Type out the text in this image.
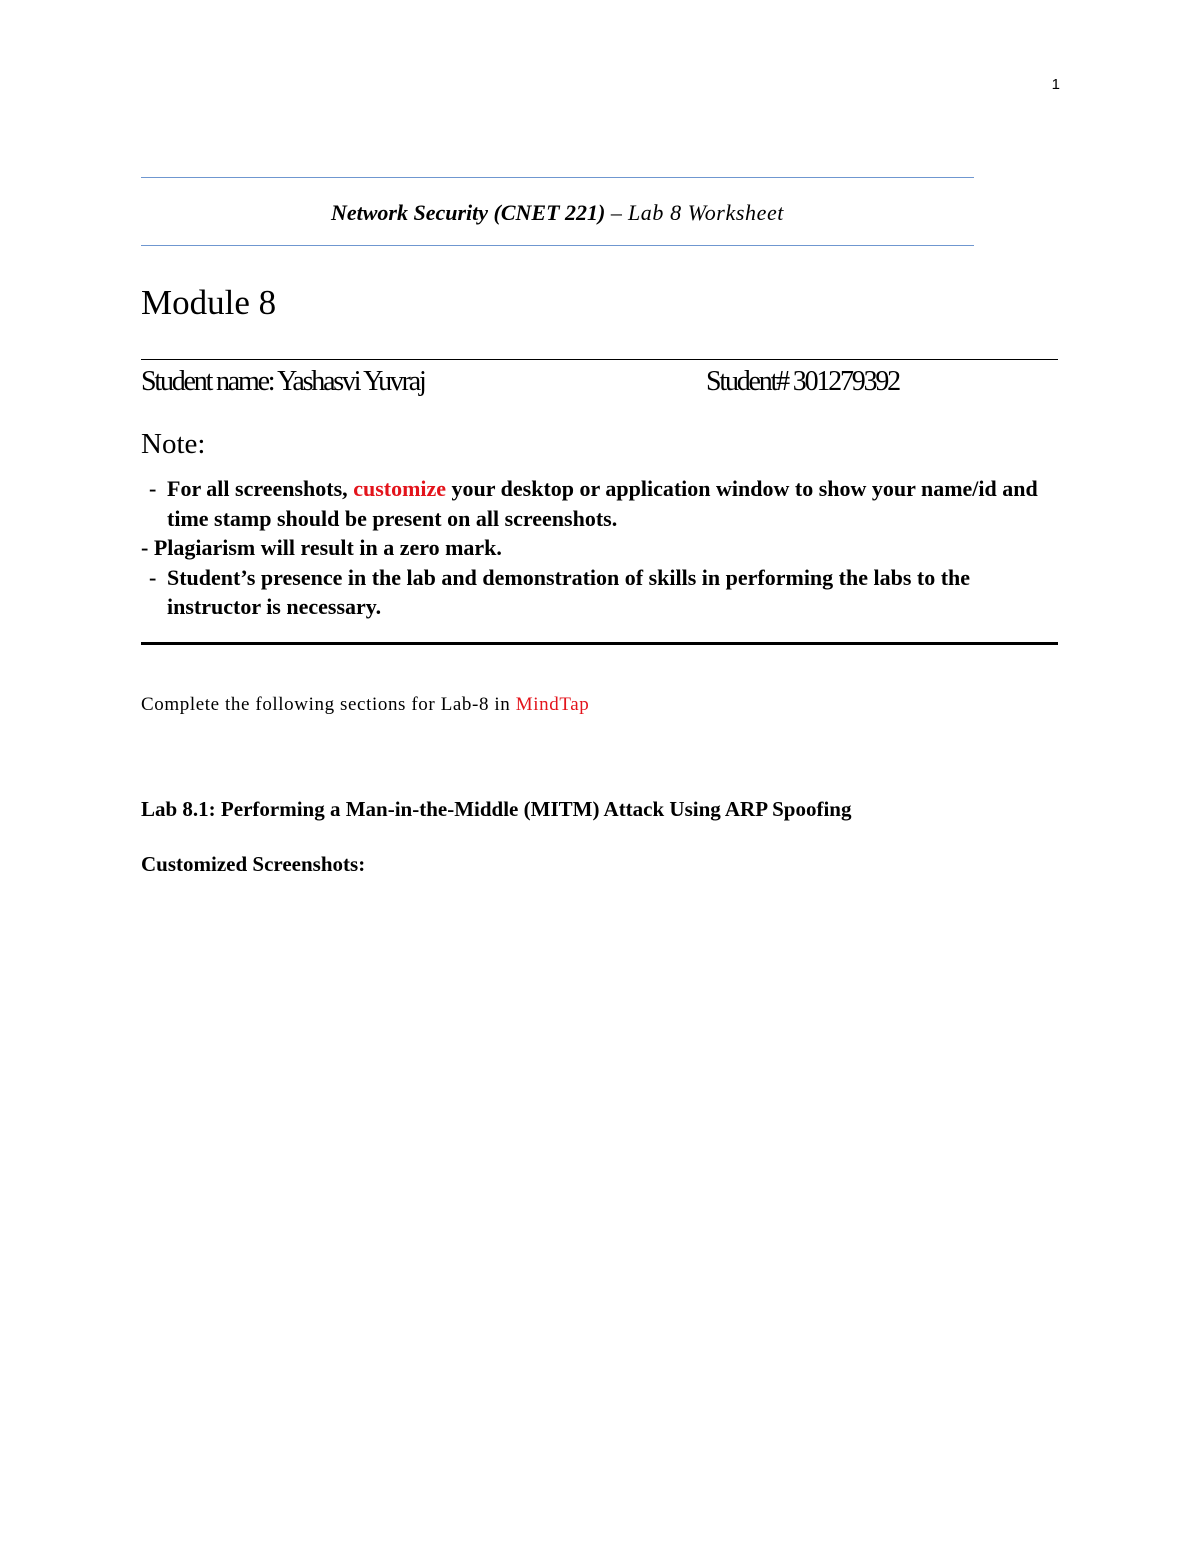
1
Network Security (CNET 221) – Lab 8 Worksheet
Module 8
Student name: Yashasvi Yuvraj	Student# 301279392
Note:
- For all screenshots, customize your desktop or application window to show your name/id and time stamp should be present on all screenshots.
- Plagiarism will result in a zero mark.
- Student’s presence in the lab and demonstration of skills in performing the labs to the instructor is necessary.
Complete the following sections for Lab-8 in MindTap
Lab 8.1: Performing a Man-in-the-Middle (MITM) Attack Using ARP Spoofing
Customized Screenshots:
